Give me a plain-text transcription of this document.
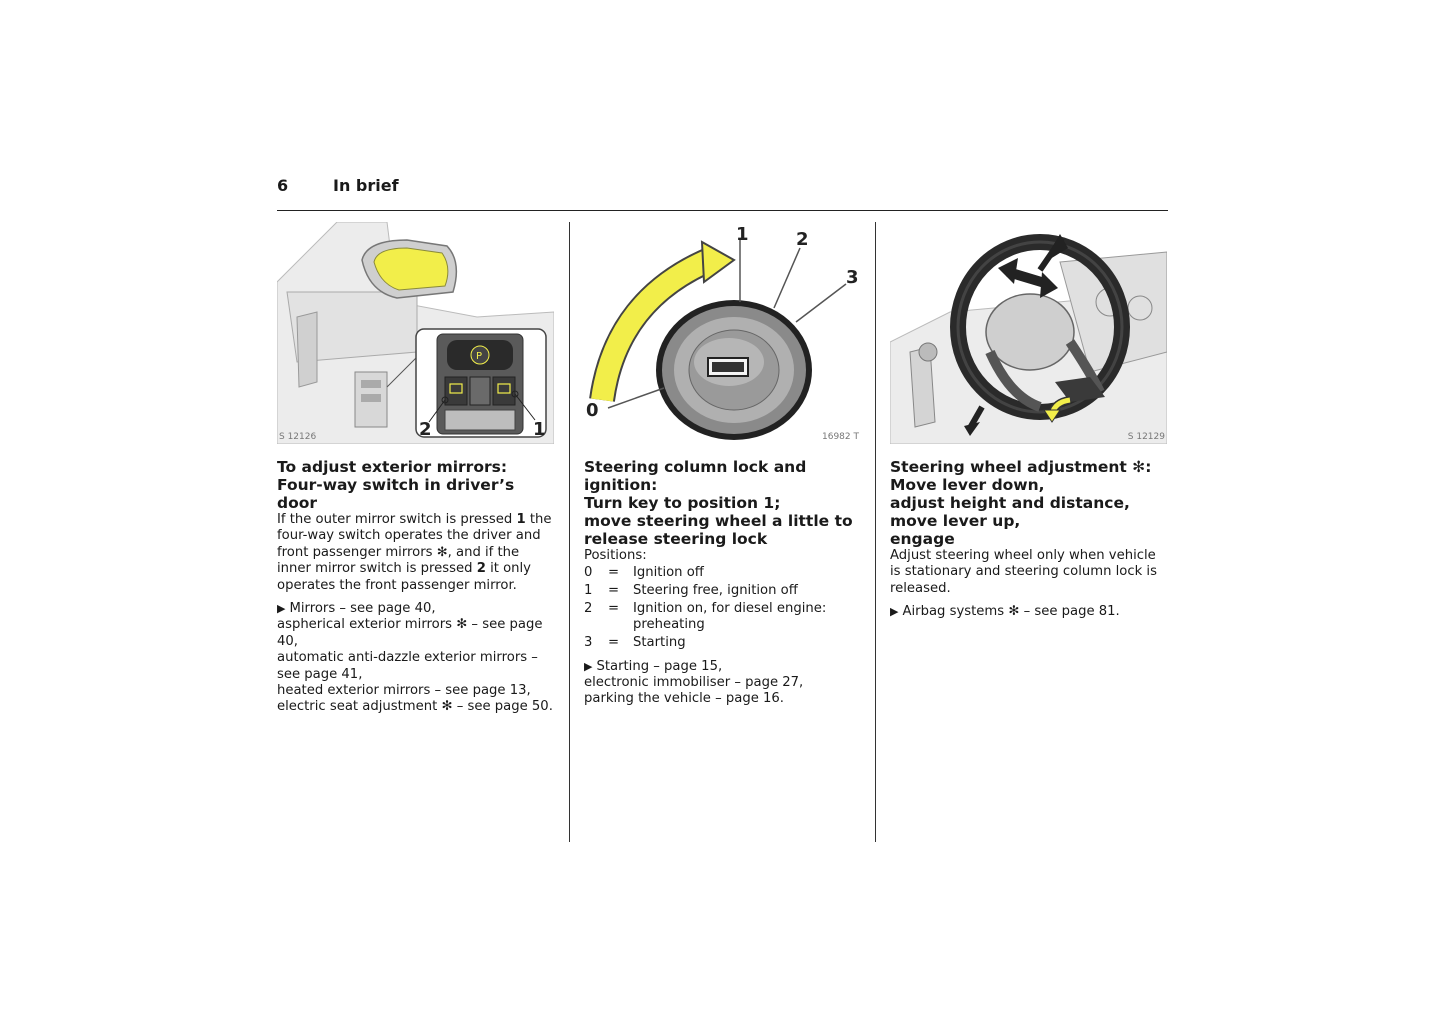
6	In brief
P
2	1
S 12126
To adjust exterior mirrors:
Four-way switch in driver’s door

If the outer mirror switch is pressed 1 the four-way switch operates the driver and front passenger mirrors ✻, and if the inner mirror switch is pressed 2 it only operates the front passenger mirror.

▶ Mirrors – see page 40,
aspherical exterior mirrors ✻ – see page 40,
automatic anti-dazzle exterior mirrors – see page 41,
heated exterior mirrors – see page 13,
electric seat adjustment ✻ – see page 50.
1	2
3
0
16982 T
Steering column lock and ignition:
Turn key to position 1;
move steering wheel a little to
release steering lock

Positions:

0	=	Ignition off
1	=	Steering free, ignition off
2	=	Ignition on, for diesel engine: preheating
3	=	Starting
▶ Starting – page 15,
electronic immobiliser – page 27,
parking the vehicle – page 16.
S 12129
Steering wheel adjustment ✻:
Move lever down,
adjust height and distance,
move lever up,
engage

Adjust steering wheel only when vehicle is stationary and steering column lock is released.

▶ Airbag systems ✻ – see page 81.
